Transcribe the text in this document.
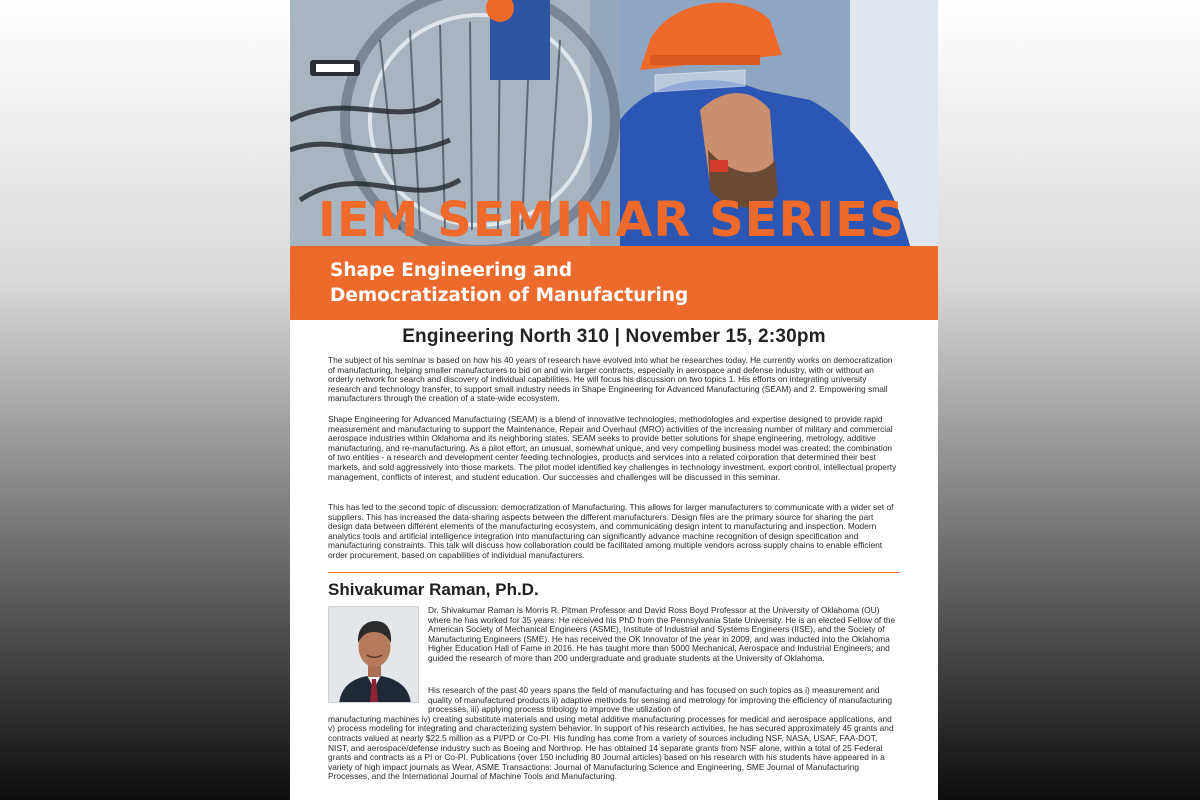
IEM SEMINAR SERIES
Shape Engineering and
Democratization of Manufacturing
Engineering North 310 | November 15, 2:30pm

The subject of his seminar is based on how his 40 years of research have evolved into what he researches today. He currently works on democratization of manufacturing, helping smaller manufacturers to bid on and win larger contracts, especially in aerospace and defense industry, with or without an orderly network for search and discovery of individual capabilities. He will focus his discussion on two topics 1. His efforts on integrating university research and technology transfer, to support small industry needs in Shape Engineering for Advanced Manufacturing (SEAM) and 2. Empowering small manufacturers through the creation of a state-wide ecosystem.

Shape Engineering for Advanced Manufacturing (SEAM) is a blend of innovative technologies, methodologies and expertise designed to provide rapid measurement and manufacturing to support the Maintenance, Repair and Overhaul (MRO) activities of the increasing number of military and commercial aerospace industries within Oklahoma and its neighboring states. SEAM seeks to provide better solutions for shape engineering, metrology, additive manufacturing, and re-manufacturing. As a pilot effort, an unusual, somewhat unique, and very compelling business model was created: the combination of two entities - a research and development center feeding technologies, products and services into a related corporation that determined their best markets, and sold aggressively into those markets. The pilot model identified key challenges in technology investment, export control, intellectual property management, conflicts of interest, and student education. Our successes and challenges will be discussed in this seminar.

This has led to the second topic of discussion: democratization of Manufacturing. This allows for larger manufacturers to communicate with a wider set of suppliers. This has increased the data-sharing aspects between the different manufacturers. Design files are the primary source for sharing the part design data between different elements of the manufacturing ecosystem, and communicating design intent to manufacturing and inspection. Modern analytics tools and artificial intelligence integration into manufacturing can significantly advance machine recognition of design specification and manufacturing constraints. This talk will discuss how collaboration could be facilitated among multiple vendors across supply chains to enable efficient order procurement, based on capabilities of individual manufacturers.

Shivakumar Raman, Ph.D.

Dr. Shivakumar Raman is Morris R. Pitman Professor and David Ross Boyd Professor at the University of Oklahoma (OU) where he has worked for 35 years. He received his PhD from the Pennsylvania State University. He is an elected Fellow of the American Society of Mechanical Engineers (ASME), Institute of Industrial and Systems Engineers (IISE), and the Society of Manufacturing Engineers (SME). He has received the OK Innovator of the year in 2009, and was inducted into the Oklahoma Higher Education Hall of Fame in 2016. He has taught more than 5000 Mechanical, Aerospace and Industrial Engineers; and guided the research of more than 200 undergraduate and graduate students at the University of Oklahoma.

His research of the past 40 years spans the field of manufacturing and has focused on such topics as i) measurement and quality of manufactured products ii) adaptive methods for sensing and metrology for improving the efficiency of manufacturing processes, iii) applying process tribology to improve the utilization of
manufacturing machines iv) creating substitute materials and using metal additive manufacturing processes for medical and aerospace applications, and v) process modeling for integrating and characterizing system behavior. In support of his research activities, he has secured approximately 45 grants and contracts valued at nearly $22.5 million as a PI/PD or Co-PI. His funding has come from a variety of sources including NSF, NASA, USAF, FAA-DOT, NIST, and aerospace/defense industry such as Boeing and Northrop. He has obtained 14 separate grants from NSF alone, within a total of 25 Federal grants and contracts as a PI or Co-PI. Publications (over 150 including 80 Journal articles) based on his research with his students have appeared in a variety of high impact journals as Wear, ASME Transactions: Journal of Manufacturing Science and Engineering, SME Journal of Manufacturing Processes, and the International Journal of Machine Tools and Manufacturing.
